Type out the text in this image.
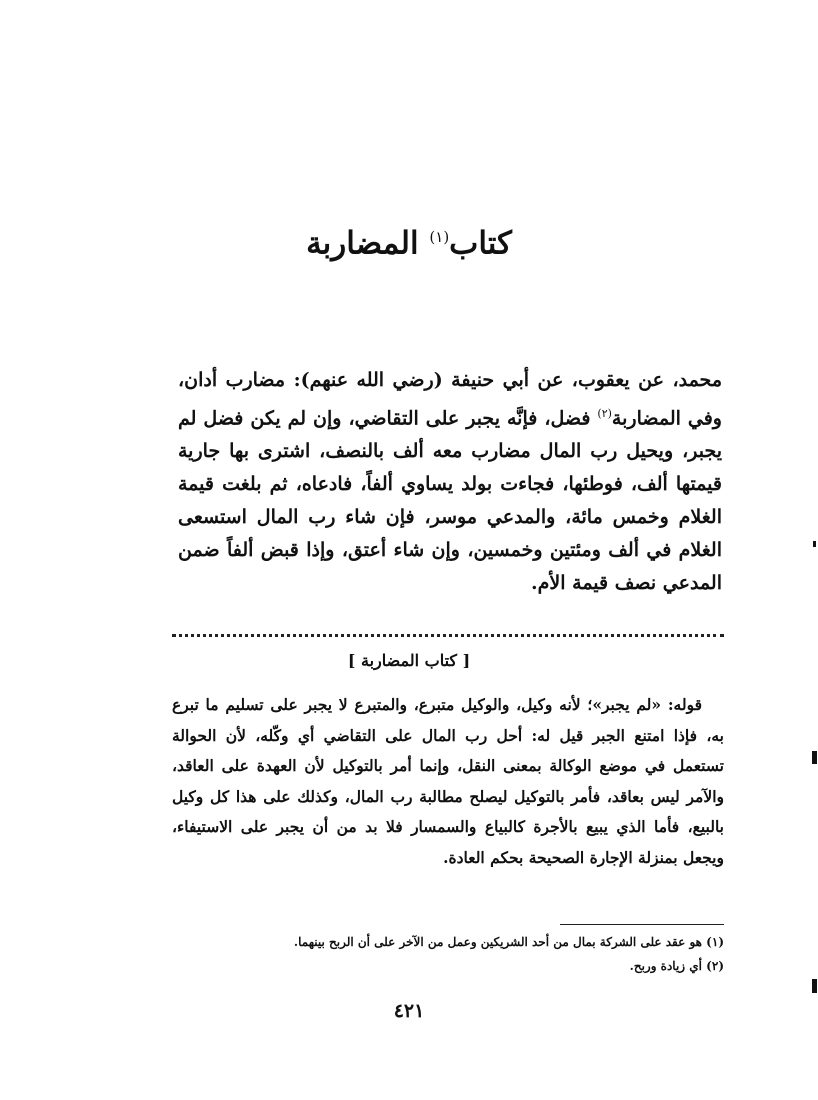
كتاب$^{(١)}$ المضاربة

محمد، عن يعقوب، عن أبي حنيفة (رضي الله عنهم): مضارب أدان، وفي المضاربة$^{(٢)}$ فضل، فإنَّه يجبر على التقاضي، وإن لم يكن فضل لم يجبر، ويحيل رب المال مضارب معه ألف بالنصف، اشترى بها جارية قيمتها ألف، فوطئها، فجاءت بولد يساوي ألفاً، فادعاه، ثم بلغت قيمة الغلام وخمس مائة، والمدعي موسر، فإن شاء رب المال استسعى الغلام في ألف ومئتين وخمسين، وإن شاء أعتق، وإذا قبض ألفاً ضمن المدعي نصف قيمة الأم.

[ كتاب المضاربة ]

قوله: «لم يجبر»؛ لأنه وكيل، والوكيل متبرع، والمتبرع لا يجبر على تسليم ما تبرع به، فإذا امتنع الجبر قيل له: أحل رب المال على التقاضي أي وكّله، لأن الحوالة تستعمل في موضع الوكالة بمعنى النقل، وإنما أمر بالتوكيل لأن العهدة على العاقد، والآمر ليس بعاقد، فأمر بالتوكيل ليصلح مطالبة رب المال، وكذلك على هذا كل وكيل بالبيع، فأما الذي يبيع بالأجرة كالبياع والسمسار فلا بد من أن يجبر على الاستيفاء، ويجعل بمنزلة الإجارة الصحيحة بحكم العادة.

(١) هو عقد على الشركة بمال من أحد الشريكين وعمل من الآخر على أن الربح بينهما.
(٢) أي زيادة وربح.
٤٢١
